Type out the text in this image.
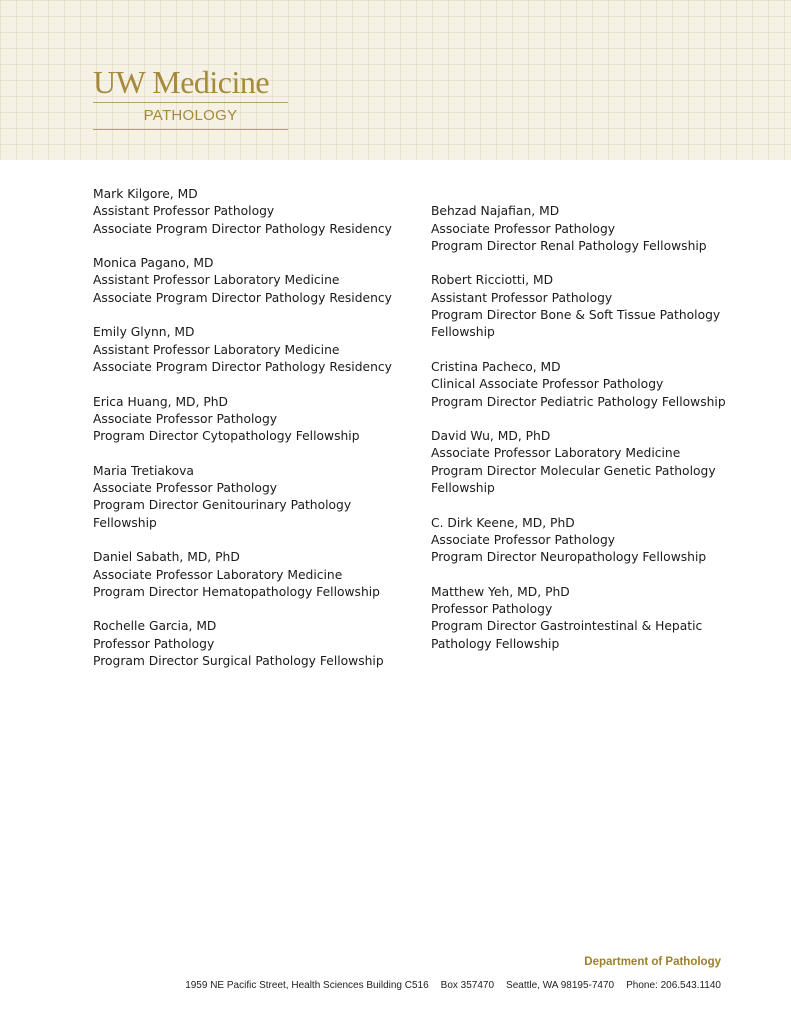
UW Medicine
PATHOLOGY
Mark Kilgore, MD
Assistant Professor Pathology
Associate Program Director Pathology Residency
Monica Pagano, MD
Assistant Professor Laboratory Medicine
Associate Program Director Pathology Residency
Emily Glynn, MD
Assistant Professor Laboratory Medicine
Associate Program Director Pathology Residency
Erica Huang, MD, PhD
Associate Professor Pathology
Program Director Cytopathology Fellowship
Maria Tretiakova
Associate Professor Pathology
Program Director Genitourinary Pathology
Fellowship
Daniel Sabath, MD, PhD
Associate Professor Laboratory Medicine
Program Director Hematopathology Fellowship
Rochelle Garcia, MD
Professor Pathology
Program Director Surgical Pathology Fellowship
Behzad Najafian, MD
Associate Professor Pathology
Program Director Renal Pathology Fellowship
Robert Ricciotti, MD
Assistant Professor Pathology
Program Director Bone & Soft Tissue Pathology
Fellowship
Cristina Pacheco, MD
Clinical Associate Professor Pathology
Program Director Pediatric Pathology Fellowship
David Wu, MD, PhD
Associate Professor Laboratory Medicine
Program Director Molecular Genetic Pathology
Fellowship
C. Dirk Keene, MD, PhD
Associate Professor Pathology
Program Director Neuropathology Fellowship
Matthew Yeh, MD, PhD
Professor Pathology
Program Director Gastrointestinal & Hepatic
Pathology Fellowship
Department of Pathology
1959 NE Pacific Street, Health Sciences Building C516 Box 357470 Seattle, WA 98195-7470 Phone: 206.543.1140
